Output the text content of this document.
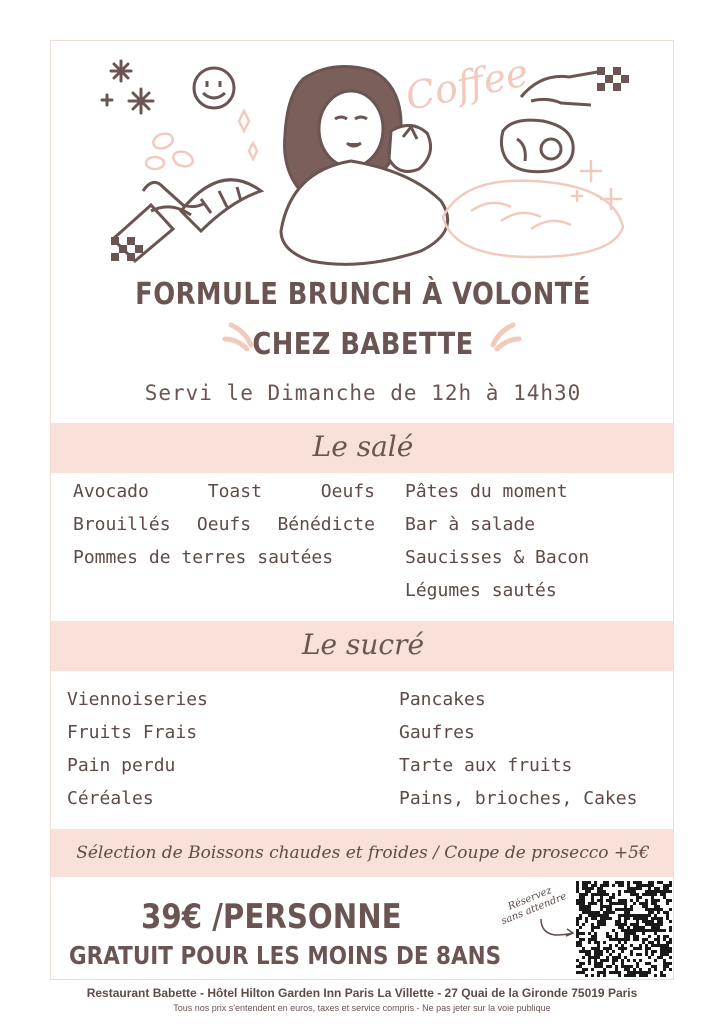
Coffee
FORMULE BRUNCH À VOLONTÉ
CHEZ BABETTE
Servi le Dimanche de 12h à 14h30
Le salé
Avocado Toast Oeufs Brouillés Oeufs Bénédicte Pommes de terres sautées
Pâtes du moment
Bar à salade
Saucisses & Bacon
Légumes sautés
Le sucré
Viennoiseries
Fruits Frais
Pain perdu
Céréales
Pancakes
Gaufres
Tarte aux fruits
Pains, brioches, Cakes
Sélection de Boissons chaudes et froides / Coupe de prosecco +5€
39€ /PERSONNE
GRATUIT POUR LES MOINS DE 8ANS
Réservez sans attendre
Restaurant Babette - Hôtel Hilton Garden Inn Paris La Villette - 27 Quai de la Gironde 75019 Paris
Tous nos prix s'entendent en euros, taxes et service compris - Ne pas jeter sur la voie publique
